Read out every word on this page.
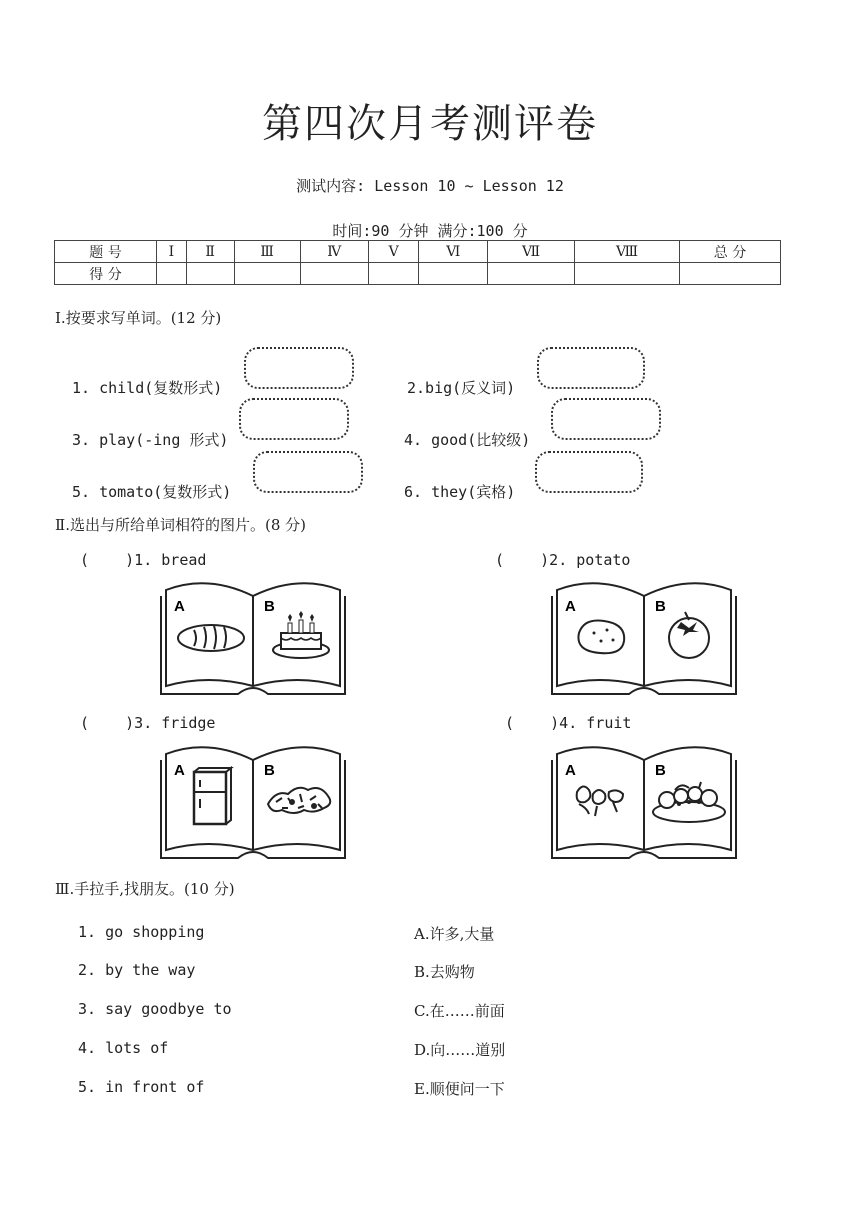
第四次月考测评卷
测试内容: Lesson 10 ~ Lesson 12
时间:90 分钟 满分:100 分
题 号	Ⅰ	Ⅱ	Ⅲ	Ⅳ	Ⅴ	Ⅵ	Ⅶ	Ⅷ	总 分
得 分									
Ⅰ.按要求写单词。(12 分)
1. child(复数形式)	2.big(反义词)
3. play(-ing 形式)	4. good(比较级)
5. tomato(复数形式)	6. they(宾格)
Ⅱ.选出与所给单词相符的图片。(8 分)
(    )1. bread	(    )2. potato
(    )3. fridge	(    )4. fruit
A	B	A	B
A	B	A	B
Ⅲ.手拉手,找朋友。(10 分)
1. go shopping
2. by the way
3. say goodbye to
4. lots of
5. in front of
A.许多,大量
B.去购物
C.在……前面
D.向……道别
E.顺便问一下
